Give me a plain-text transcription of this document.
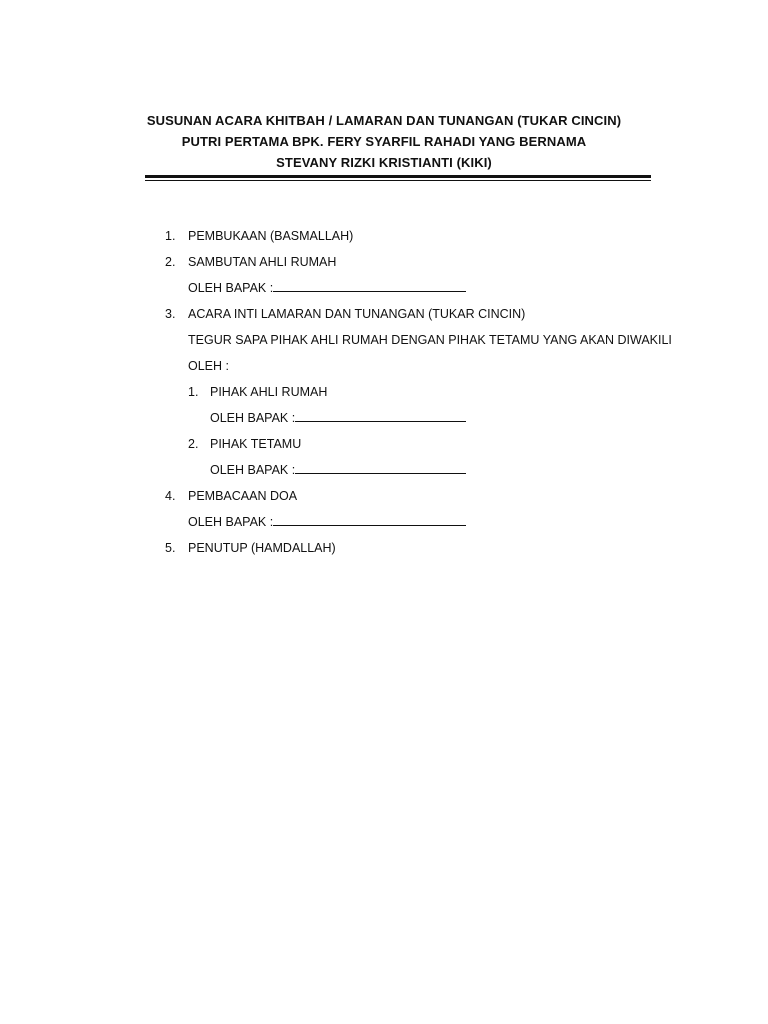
SUSUNAN ACARA KHITBAH / LAMARAN DAN TUNANGAN (TUKAR CINCIN)
PUTRI PERTAMA BPK. FERY SYARFIL RAHADI YANG BERNAMA
STEVANY RIZKI KRISTIANTI (KIKI)
1. PEMBUKAAN (BASMALLAH)
2. SAMBUTAN AHLI RUMAH
OLEH BAPAK :
3. ACARA INTI LAMARAN DAN TUNANGAN (TUKAR CINCIN)
TEGUR SAPA PIHAK AHLI RUMAH DENGAN PIHAK TETAMU YANG AKAN DIWAKILI
OLEH :
1. PIHAK AHLI RUMAH
OLEH BAPAK :
2. PIHAK TETAMU
OLEH BAPAK :
4. PEMBACAAN DOA
OLEH BAPAK :
5. PENUTUP (HAMDALLAH)
